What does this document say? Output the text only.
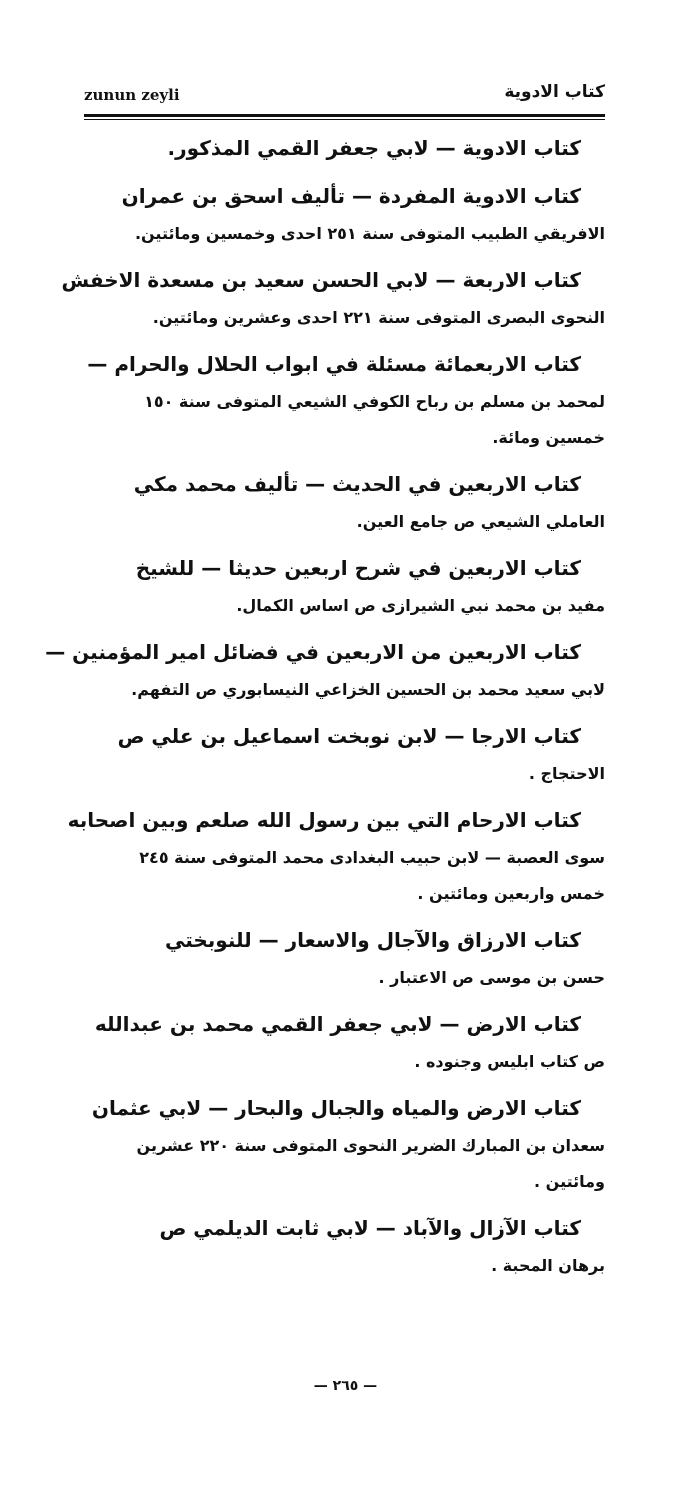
zunun zeyli	كتاب الادوية
كتاب الادوية — لابي جعفر القمي المذكور.
كتاب الادوية المفردة — تأليف اسحق بن عمران
الافريقي الطبيب المتوفى سنة ٢٥١ احدى وخمسين ومائتين.
كتاب الاربعة — لابي الحسن سعيد بن مسعدة الاخفش
النحوى البصرى المتوفى سنة ٢٢١ احدى وعشرين ومائتين.
كتاب الاربعمائة مسئلة في ابواب الحلال والحرام —
لمحمد بن مسلم بن رباح الكوفي الشيعي المتوفى سنة ١٥٠ خمسين ومائة.
كتاب الاربعين في الحديث — تأليف محمد مكي
العاملي الشيعي ص جامع العين.
كتاب الاربعين في شرح اربعين حديثا — للشيخ
مفيد بن محمد نبي الشيرازى ص اساس الكمال.
كتاب الاربعين من الاربعين في فضائل امير المؤمنين —
لابي سعيد محمد بن الحسين الخزاعي النيسابوري ص التفهم.
كتاب الارجا — لابن نوبخت اسماعيل بن علي ص
الاحتجاج .
كتاب الارحام التي بين رسول الله صلعم وبين اصحابه
سوى العصبة — لابن حبيب البغدادى محمد المتوفى سنة ٢٤٥ خمس واربعين ومائتين .
كتاب الارزاق والآجال والاسعار — للنوبختي
حسن بن موسى ص الاعتبار .
كتاب الارض — لابي جعفر القمي محمد بن عبدالله
ص كتاب ابليس وجنوده .
كتاب الارض والمياه والجبال والبحار — لابي عثمان
سعدان بن المبارك الضرير النحوى المتوفى سنة ٢٢٠ عشرين ومائتين .
كتاب الآزال والآباد — لابي ثابت الديلمي ص
برهان المحبة .
— ٢٦٥ —
